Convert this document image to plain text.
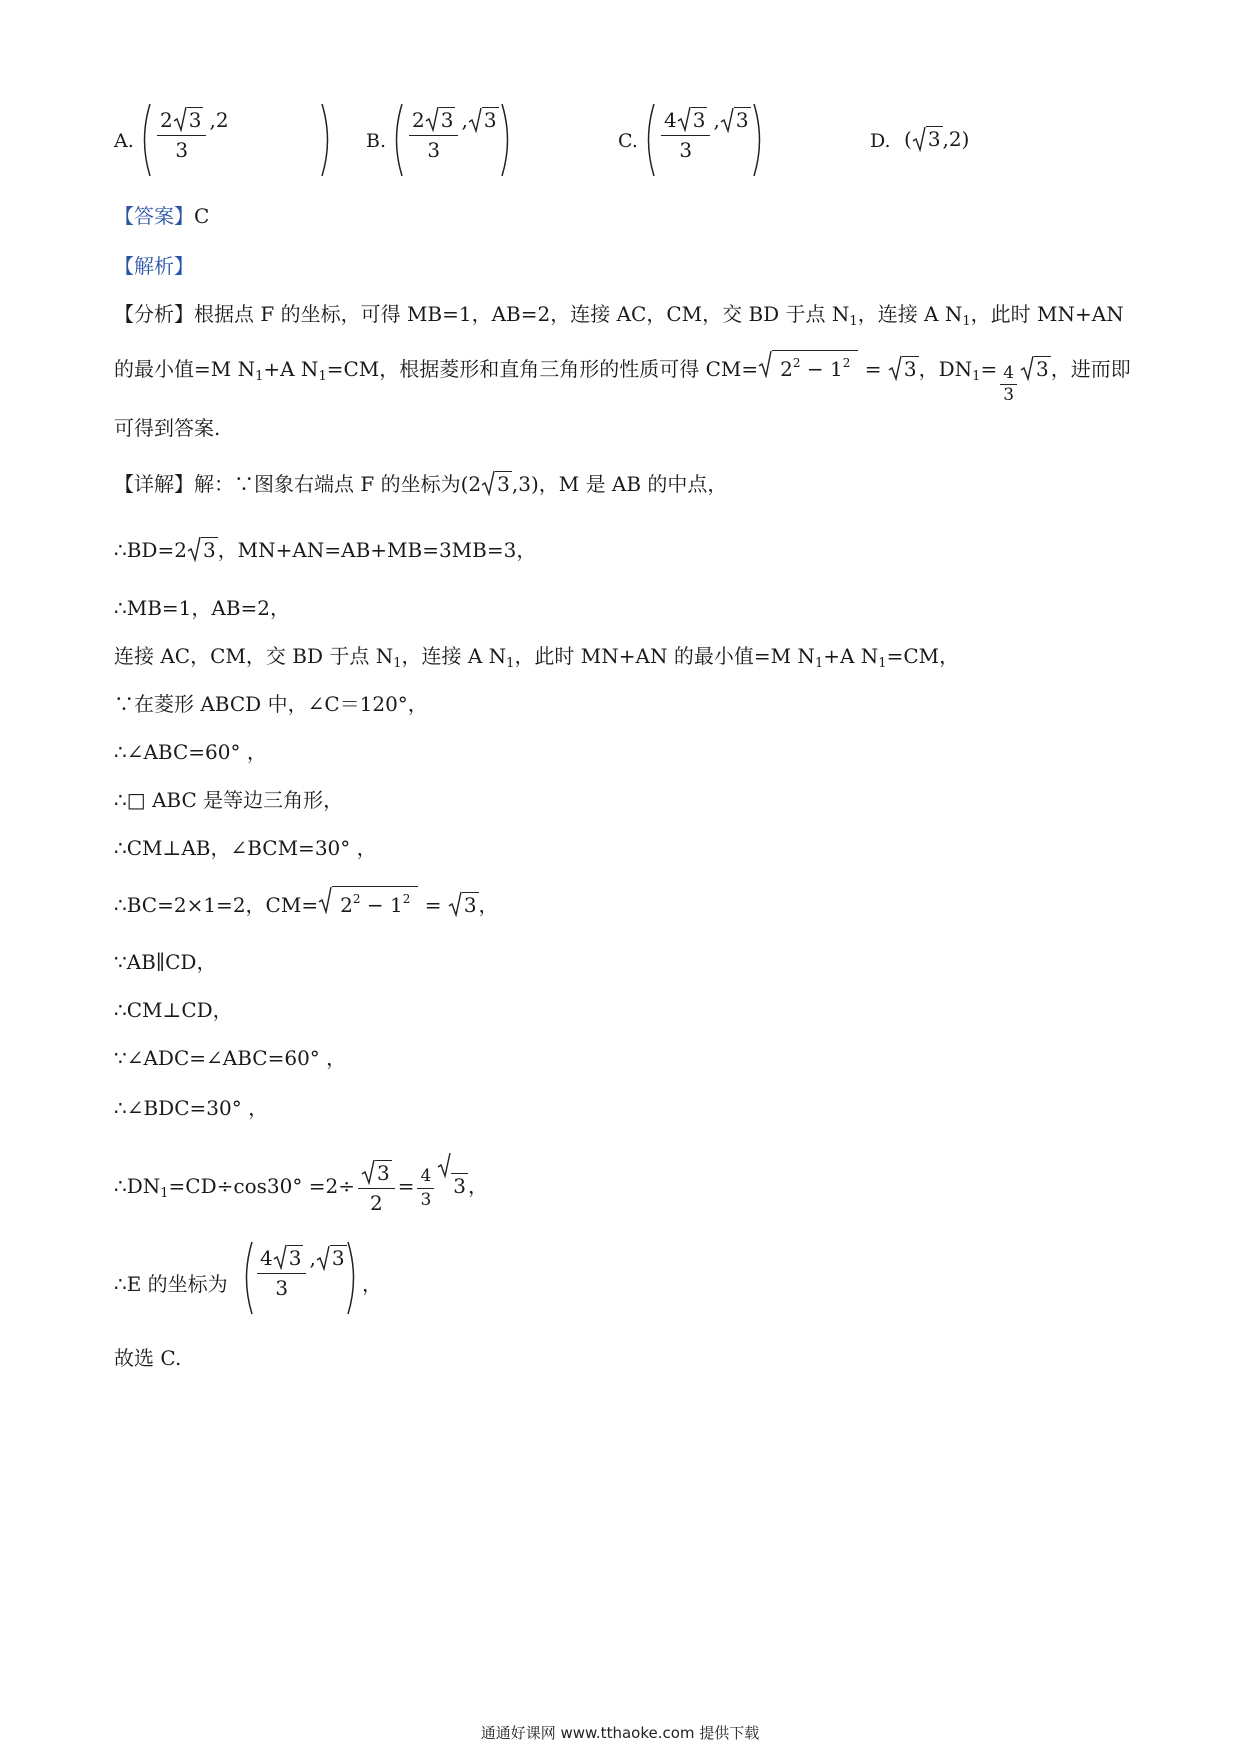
A. $\frac{2 3}{3} ,2$
B. $\frac{2 3}{3}$ , 3
C. $\frac{4 3}{3}$ , 3
D. ( 3 ,2)
【答案】C
【解析】
【分析】根据点 F 的坐标，可得 MB=1，AB=2，连接 AC，CM，交 BD 于点 $N_1$，连接 A $N_1$，此时 MN+AN
的最小值=M $N_1+A$ $N_1=CM$，根据菱形和直角三角形的性质可得 $CM= 2^2 - 1^2 = 3$ ，$DN_1= \frac{4}{3} 3$ ，进而即
可得到答案.
【详解】解：∵图象右端点 F 的坐标为(2 3 ,3)，M 是 AB 的中点，
∴BD=2 3 ，MN+AN=AB+MB=3MB=3，
∴MB=1，AB=2，
连接 AC，CM，交 BD 于点 $N_1$，连接 A $N_1$，此时 MN+AN 的最小值=M $N_1+A$ $N_1=CM$，
∵在菱形 ABCD 中，∠C＝120°，
∴∠ABC=60° ，
∴□ ABC 是等边三角形，
∴CM⊥AB，∠BCM=30° ，
∴BC=2×1=2，$CM= 2^2 - 1^2 = 3$ ，
∵AB∥CD，
∴CM⊥CD，
∵∠ADC=∠ABC=60° ，
∴∠BDC=30° ，
$\therefore DN_1=CD\div\cos 30^\circ =2\div \frac{3}{2} = \frac{4}{3} 3$ ，
∴E 的坐标为 $\frac{4 3}{3}$ , 3
，
故选 C.
通通好课网 www.tthaoke.com 提供下载
